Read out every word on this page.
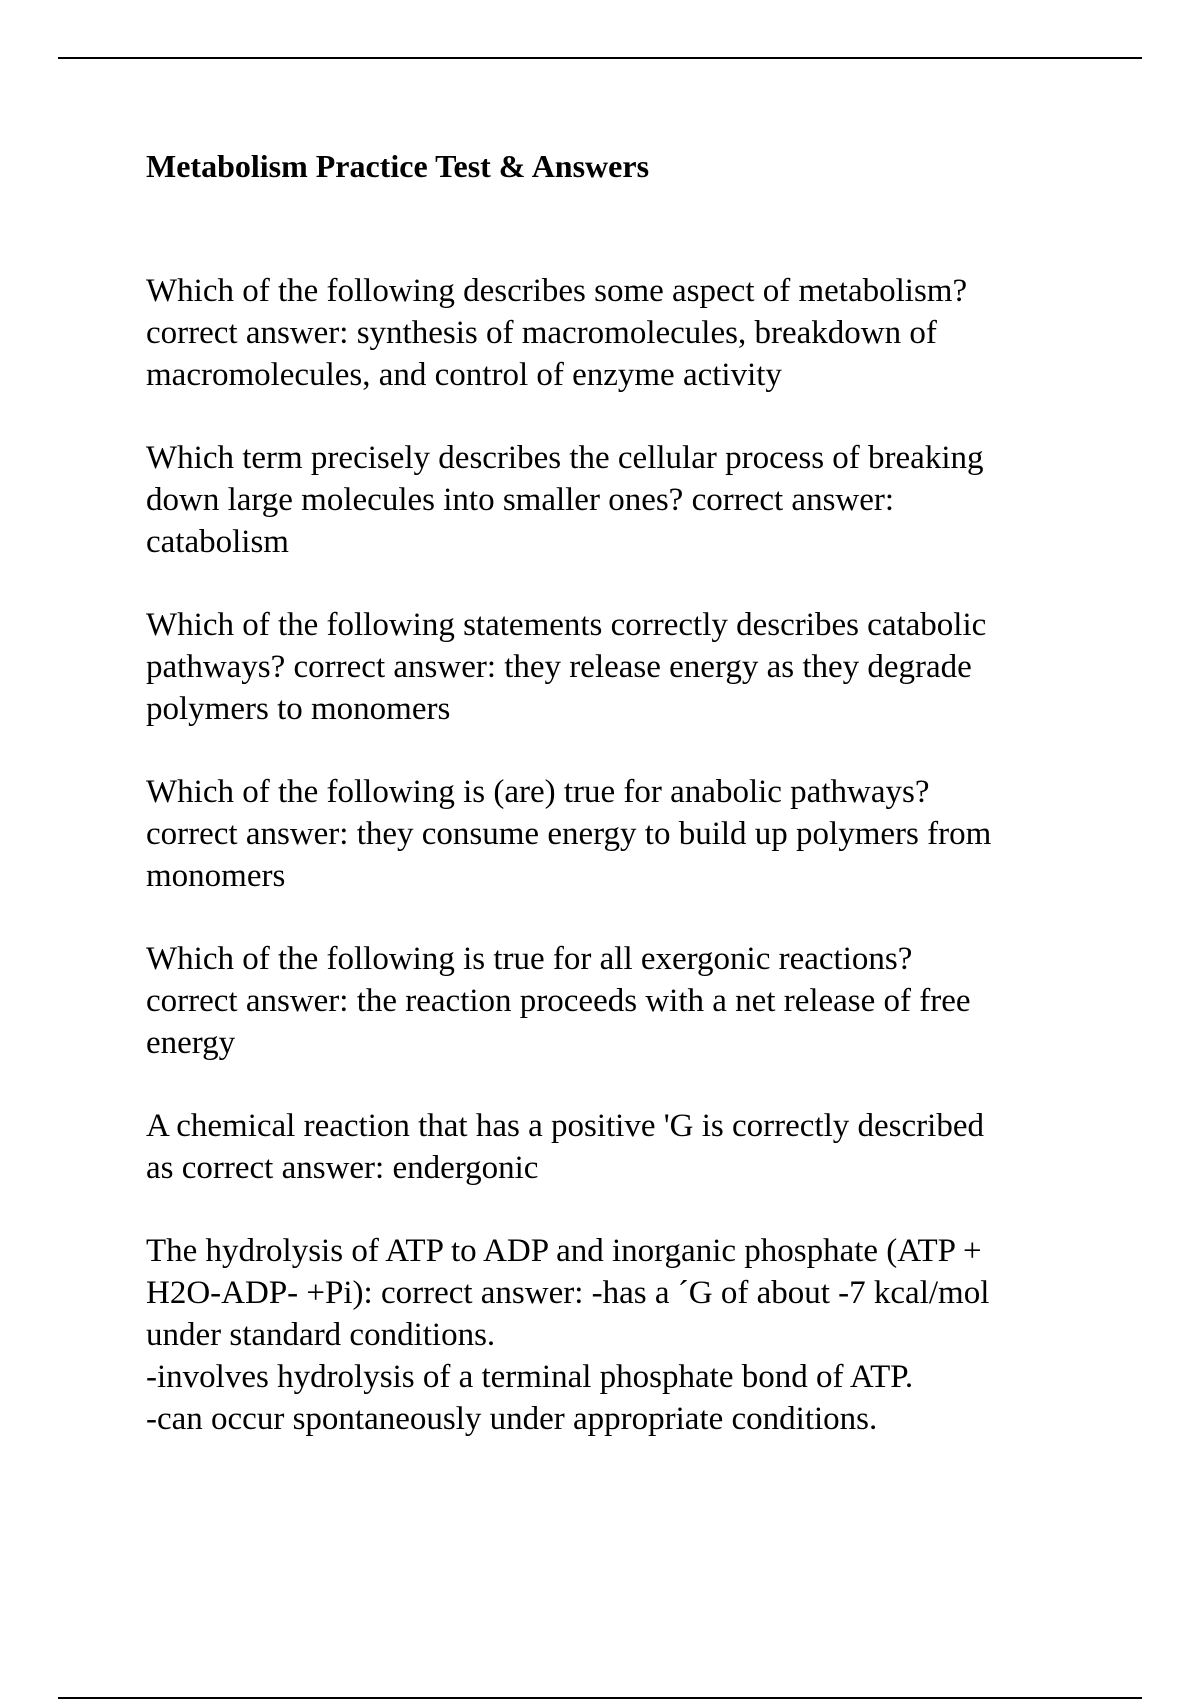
Metabolism Practice Test & Answers
Which of the following describes some aspect of metabolism?
correct answer: synthesis of macromolecules, breakdown of
macromolecules, and control of enzyme activity
Which term precisely describes the cellular process of breaking
down large molecules into smaller ones? correct answer:
catabolism
Which of the following statements correctly describes catabolic
pathways? correct answer: they release energy as they degrade
polymers to monomers
Which of the following is (are) true for anabolic pathways?
correct answer: they consume energy to build up polymers from
monomers
Which of the following is true for all exergonic reactions?
correct answer: the reaction proceeds with a net release of free
energy
A chemical reaction that has a positive 'G is correctly described
as correct answer: endergonic
The hydrolysis of ATP to ADP and inorganic phosphate (ATP +
H2O-ADP- +Pi): correct answer: -has a ´G of about -7 kcal/mol
under standard conditions.
-involves hydrolysis of a terminal phosphate bond of ATP.
-can occur spontaneously under appropriate conditions.
